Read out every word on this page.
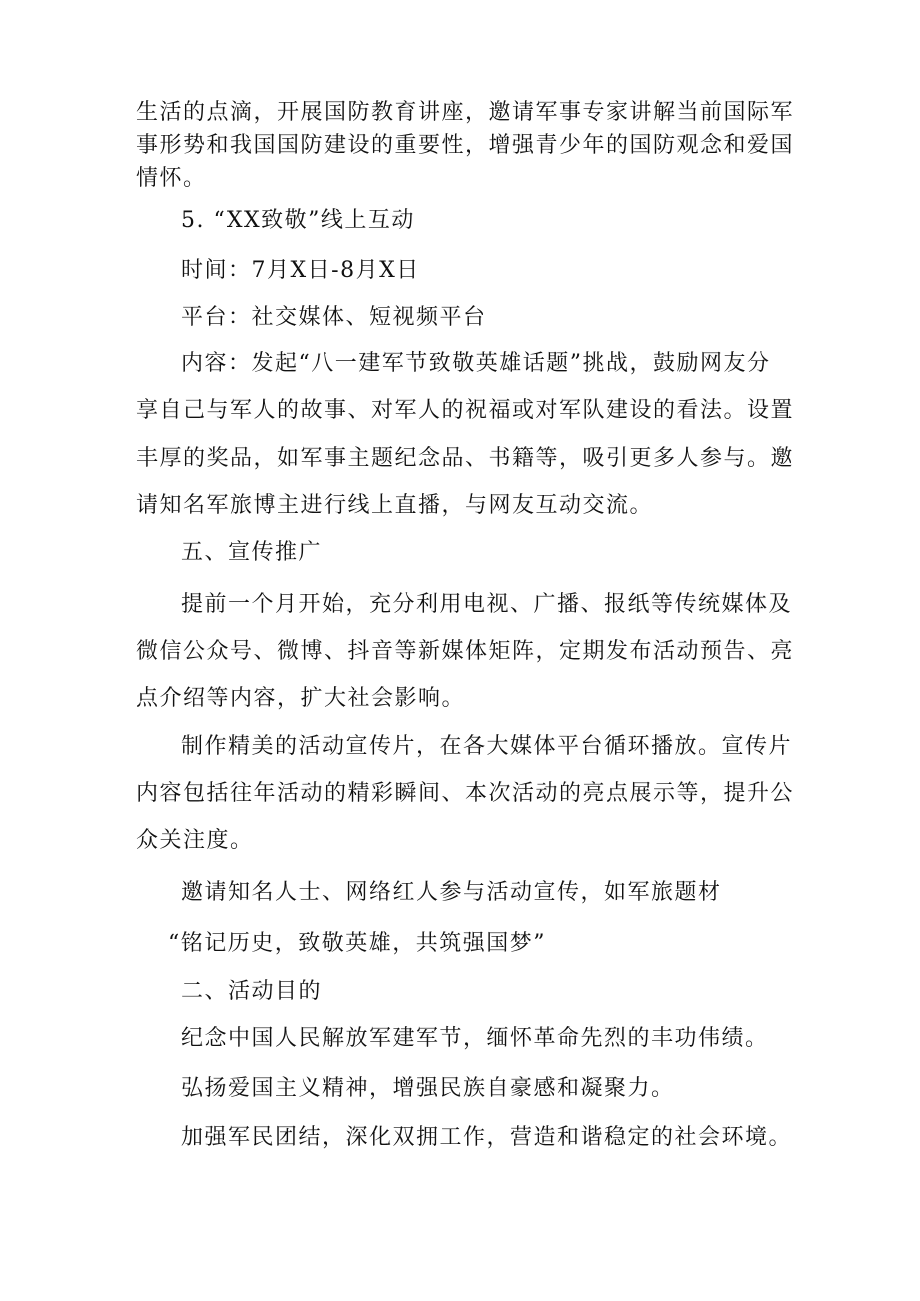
生活的点滴，开展国防教育讲座，邀请军事专家讲解当前国际军
事形势和我国国防建设的重要性，增强青少年的国防观念和爱国
情怀。
5. “XX致敬”线上互动
时间：7月X日-8月X日
平台：社交媒体、短视频平台
内容：发起“八一建军节致敬英雄话题”挑战，鼓励网友分
享自己与军人的故事、对军人的祝福或对军队建设的看法。设置
丰厚的奖品，如军事主题纪念品、书籍等，吸引更多人参与。邀
请知名军旅博主进行线上直播，与网友互动交流。
五、宣传推广
提前一个月开始，充分利用电视、广播、报纸等传统媒体及
微信公众号、微博、抖音等新媒体矩阵，定期发布活动预告、亮
点介绍等内容，扩大社会影响。
制作精美的活动宣传片，在各大媒体平台循环播放。宣传片
内容包括往年活动的精彩瞬间、本次活动的亮点展示等，提升公
众关注度。
邀请知名人士、网络红人参与活动宣传，如军旅题材
“铭记历史，致敬英雄，共筑强国梦”
二、活动目的
纪念中国人民解放军建军节，缅怀革命先烈的丰功伟绩。
弘扬爱国主义精神，增强民族自豪感和凝聚力。
加强军民团结，深化双拥工作，营造和谐稳定的社会环境。
